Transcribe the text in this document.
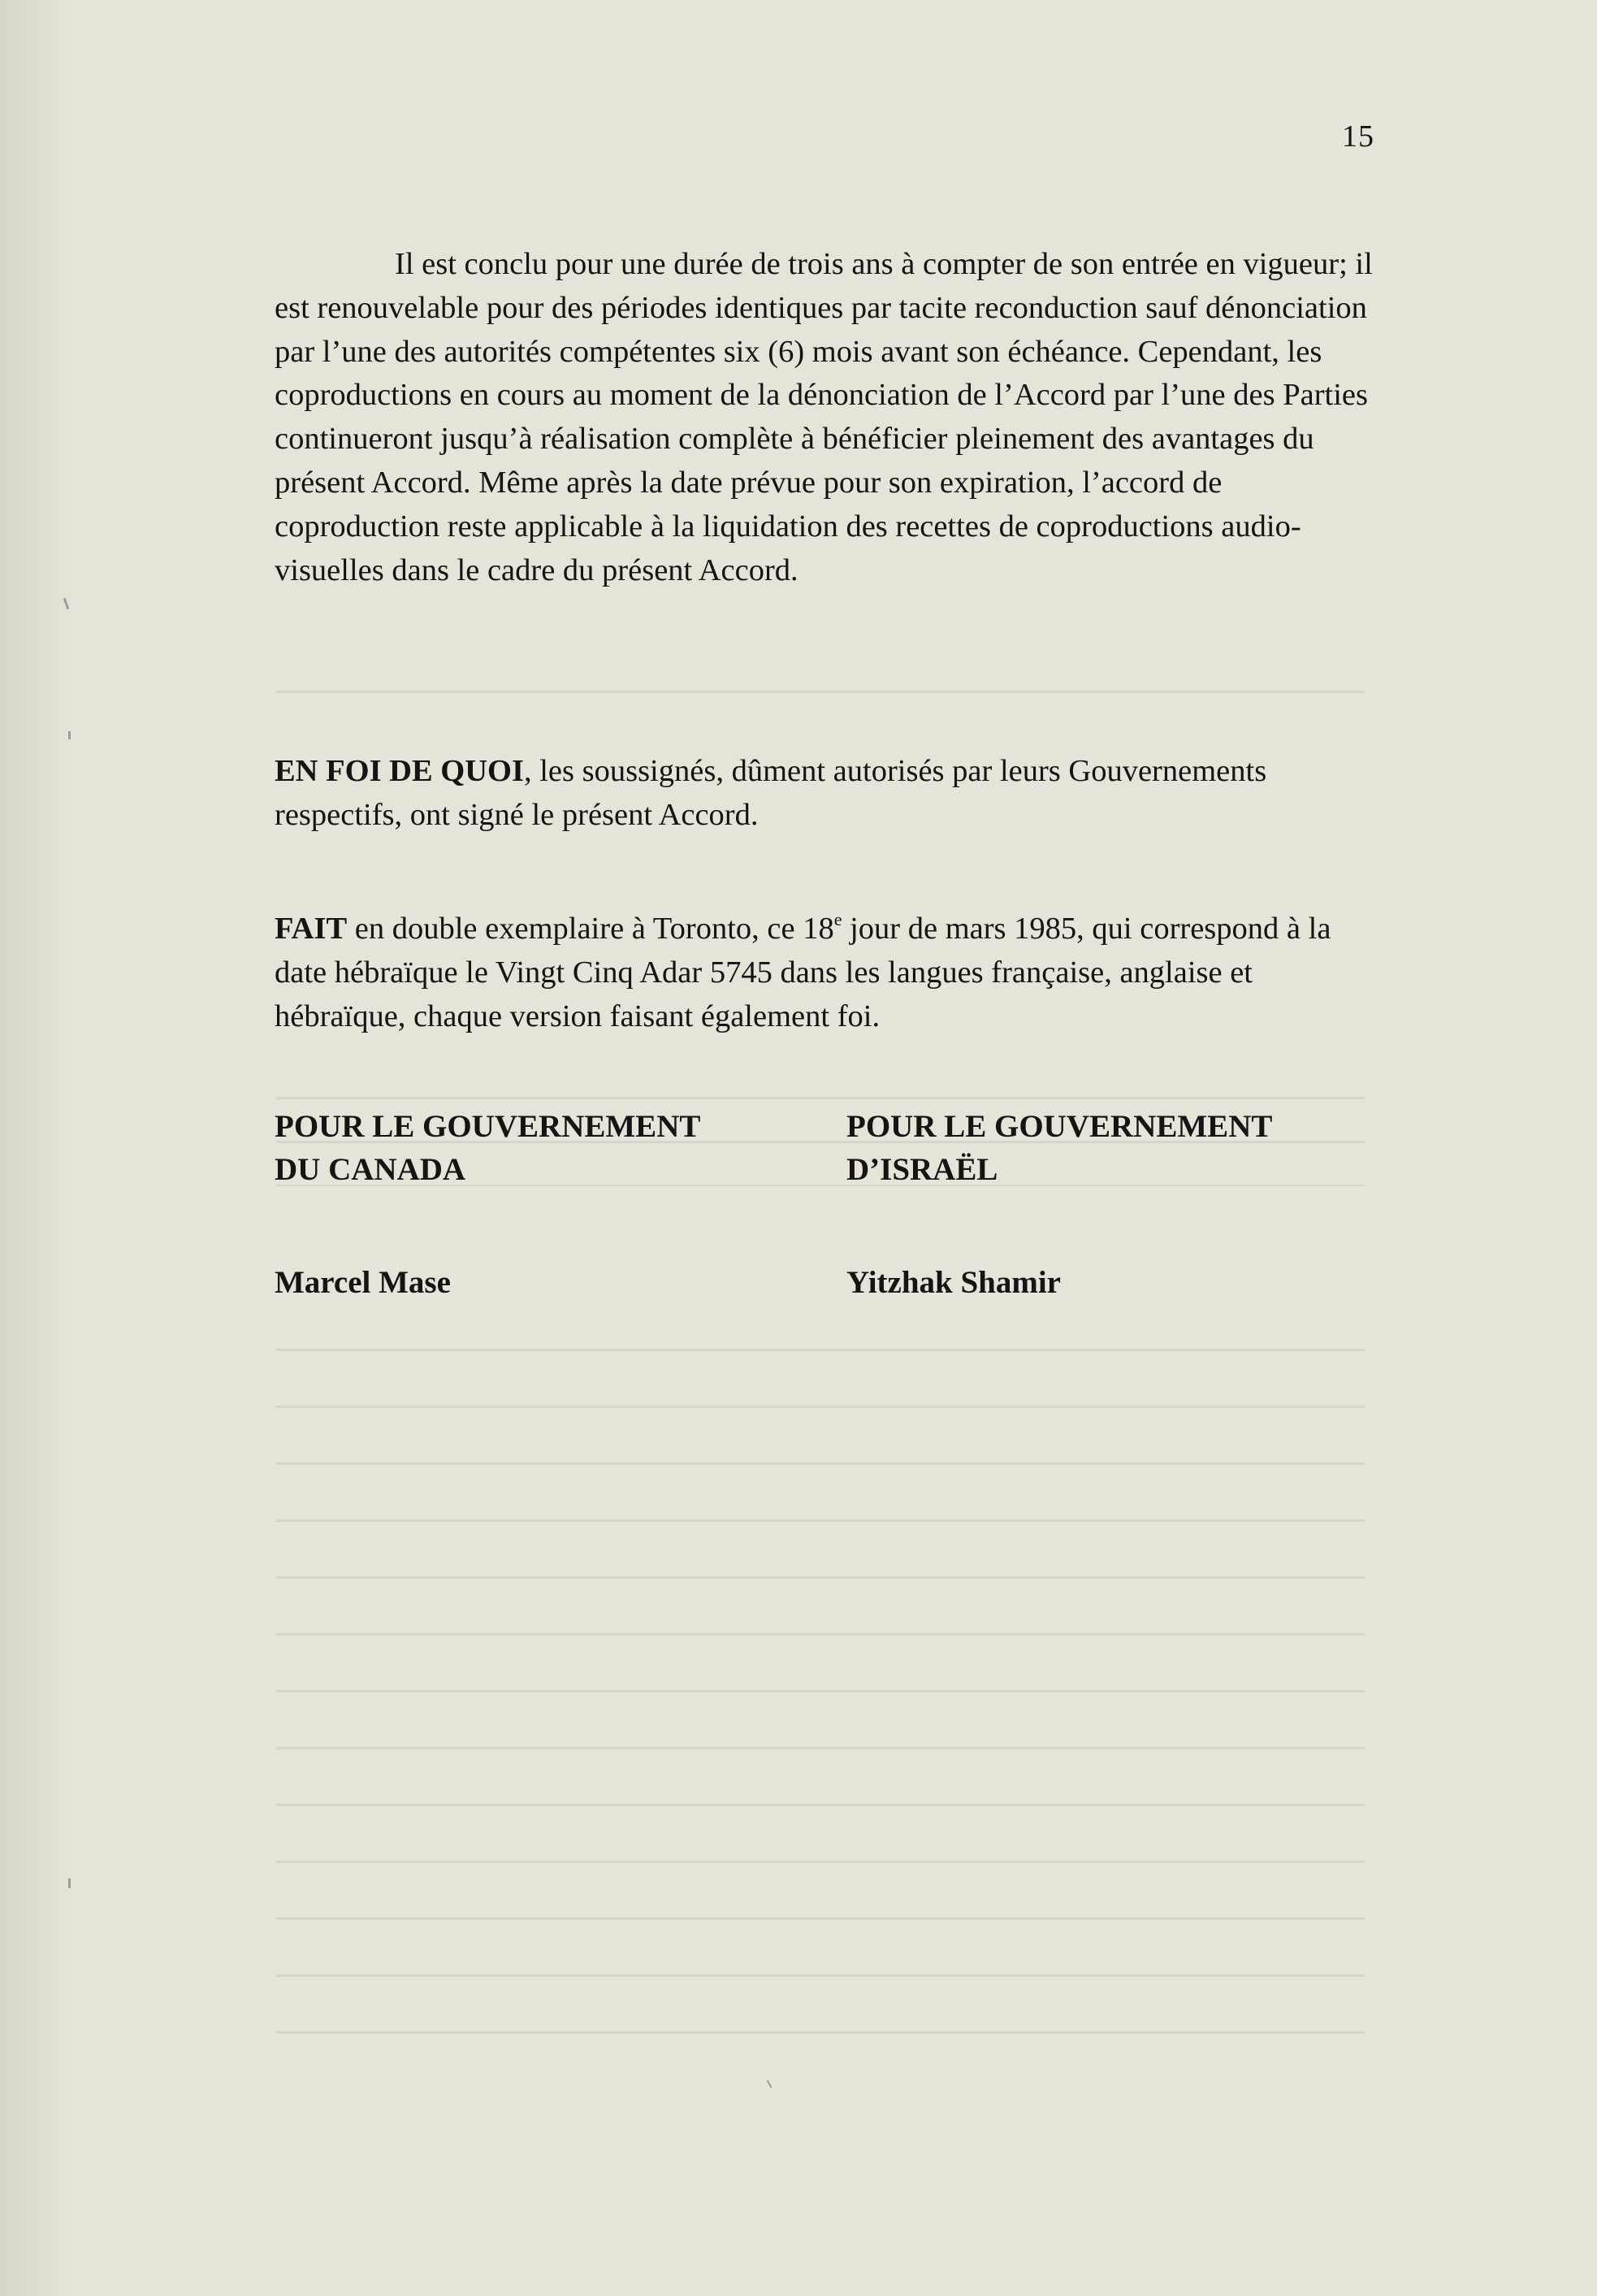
15

Il est conclu pour une durée de trois ans à compter de son entrée en vigueur; il est renouvelable pour des périodes identiques par tacite reconduction sauf dénonciation par l’une des autorités compétentes six (6) mois avant son échéance. Cependant, les coproductions en cours au moment de la dénonciation de l’Accord par l’une des Parties continueront jusqu’à réalisation complète à bénéficier pleinement des avantages du présent Accord. Même après la date prévue pour son expiration, l’accord de coproduction reste applicable à la liquidation des recettes de coproductions audio-visuelles dans le cadre du présent Accord.

EN FOI DE QUOI, les soussignés, dûment autorisés par leurs Gouvernements respectifs, ont signé le présent Accord.

FAIT en double exemplaire à Toronto, ce 18e jour de mars 1985, qui correspond à la date hébraïque le Vingt Cinq Adar 5745 dans les langues française, anglaise et hébraïque, chaque version faisant également foi.

POUR LE GOUVERNEMENT
DU CANADA
POUR LE GOUVERNEMENT
D’ISRAËL
Marcel Mase	Yitzhak Shamir
